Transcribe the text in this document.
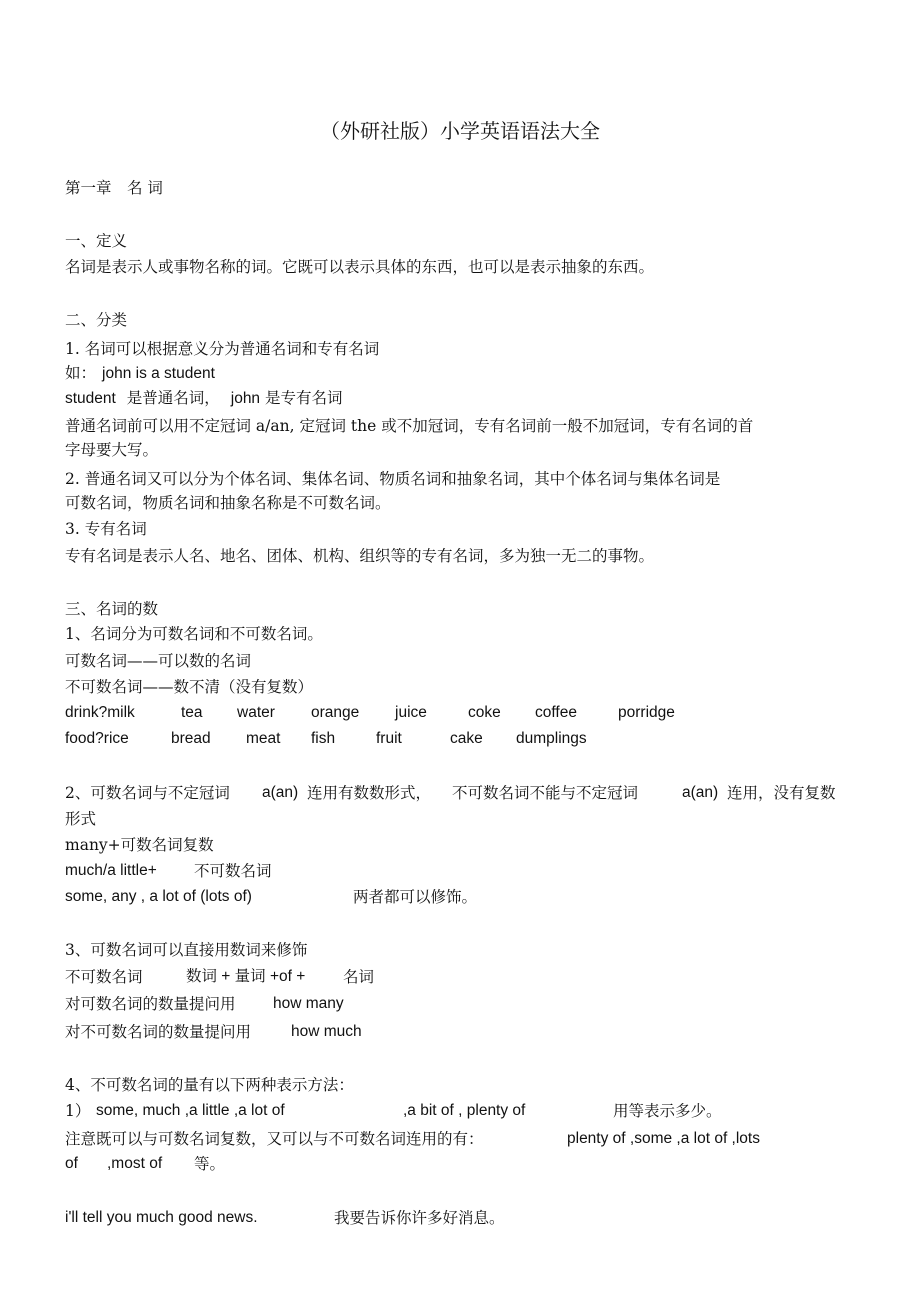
（外研社版）小学英语语法大全
第一章　名 词
一、定义
名词是表示人或事物名称的词。它既可以表示具体的东西，也可以是表示抽象的东西。
二、分类
1. 名词可以根据意义分为普通名词和专有名词
如： john is a student
student 是普通名词， john 是专有名词
普通名词前可以用不定冠词 a/an, 定冠词 the 或不加冠词，专有名词前一般不加冠词，专有名词的首
字母要大写。
2. 普通名词又可以分为个体名词、集体名词、物质名词和抽象名词，其中个体名词与集体名词是
可数名词，物质名词和抽象名称是不可数名词。
3. 专有名词
专有名词是表示人名、地名、团体、机构、组织等的专有名词，多为独一无二的事物。
三、名词的数
1、名词分为可数名词和不可数名词。
可数名词——可以数的名词
不可数名词——数不清（没有复数）
drink?milk	tea water orange juice	coke coffee	porridge
food?rice	bread meat fish	fruit	cake dumplings
2、可数名词与不定冠词 a(an) 连用有数数形式， 不可数名词不能与不定冠词	a(an) 连用，没有复数
形式
many+可数名词复数
much/a little+ 不可数名词
some, any , a lot of (lots of)	两者都可以修饰。
3、可数名词可以直接用数词来修饰
不可数名词	数词 + 量词 +of + 名词
对可数名词的数量提问用 how many
对不可数名词的数量提问用	how much
4、不可数名词的量有以下两种表示方法：
1） some, much ,a little ,a lot of	,a bit of , plenty of	用等表示多少。
注意既可以与可数名词复数，又可以与不可数名词连用的有：	plenty of ,some ,a lot of ,lots
of ,most of 等。
i'll tell you much good news.	我要告诉你许多好消息。
